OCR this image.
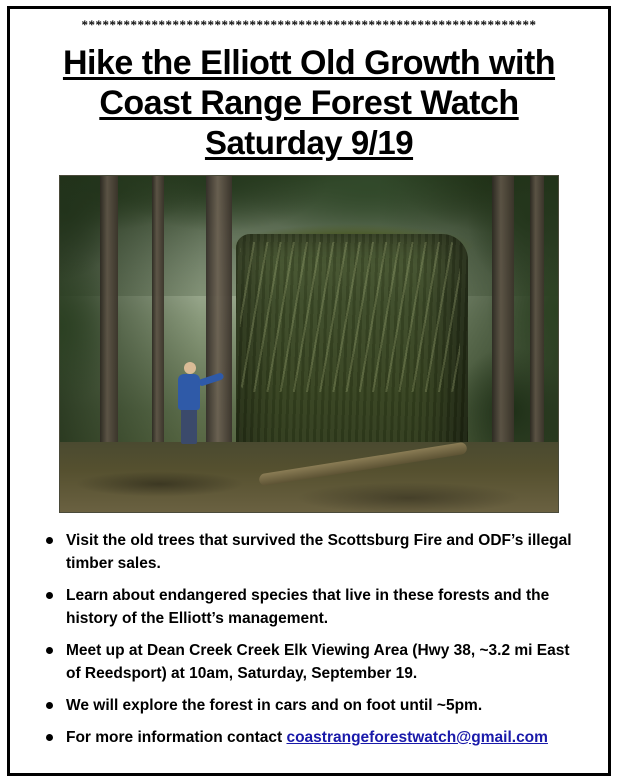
*****************************************************************
Hike the Elliott Old Growth with
Coast Range Forest Watch
Saturday 9/19
Visit the old trees that survived the Scottsburg Fire and ODF’s illegal timber sales.
Learn about endangered species that live in these forests and the history of the Elliott’s management.
Meet up at Dean Creek Creek Elk Viewing Area (Hwy 38, ~3.2 mi East of Reedsport) at 10am, Saturday, September 19.
We will explore the forest in cars and on foot until ~5pm.
For more information contact coastrangeforestwatch@gmail.com
